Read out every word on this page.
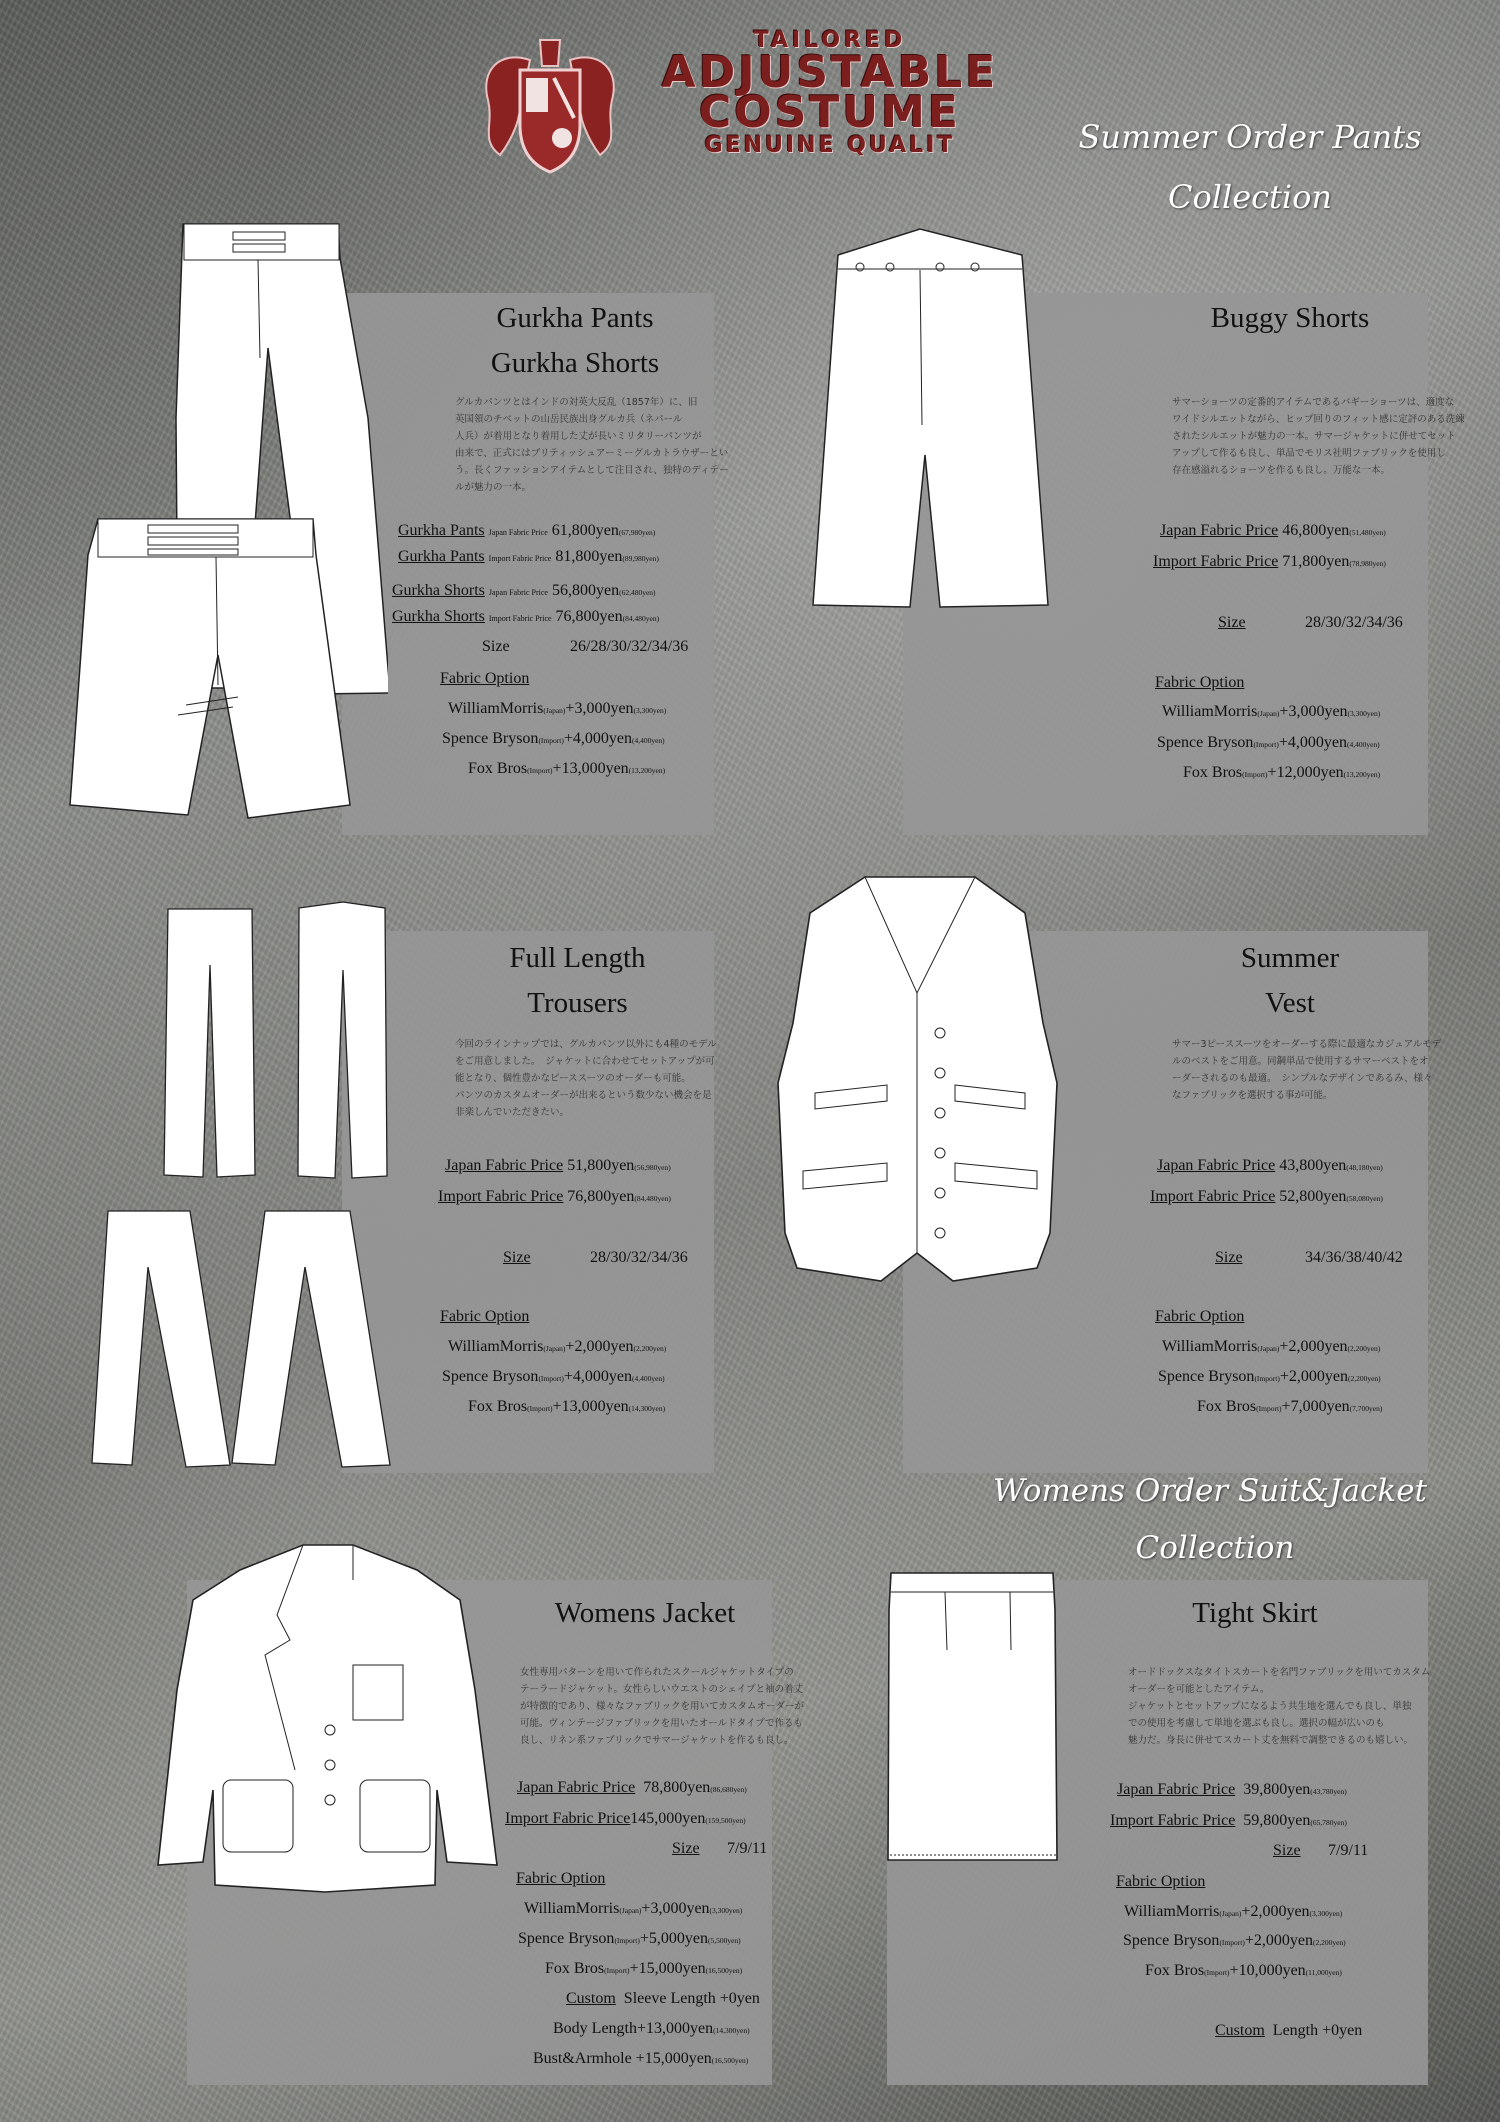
TAILORED
ADJUSTABLE
COSTUME
GENUINE QUALIT	Summer Order Pants
Collection
Gurkha Pants
Gurkha Shorts
グルカパンツとはインドの対英大反乱（1857年）に、旧
英国領のチベットの山岳民族出身グルカ兵（ネパール
人兵）が着用となり着用した丈が長いミリタリーパンツが
由来で、正式にはブリティッシュアーミーグルカトラウザーとい
う。長くファッションアイテムとして注目され、独特のディテー
ルが魅力の一本。
Gurkha Pants Japan Fabric Price 61,800yen(67,980yen)
Gurkha Pants Import Fabric Price 81,800yen(89,980yen)
Gurkha Shorts Japan Fabric Price 56,800yen(62,480yen)
Gurkha Shorts Import Fabric Price 76,800yen(84,480yen)
Size	26/28/30/32/34/36
Fabric Option
WilliamMorris(Japan)+3,000yen(3,300yen)
Spence Bryson(Import)+4,000yen(4,400yen)
Fox Bros(Import)+13,000yen(13,200yen)
Buggy Shorts
サマーショーツの定番的アイテムであるバギーショーツは、適度な
ワイドシルエットながら、ヒップ回りのフィット感に定評のある洗練
されたシルエットが魅力の一本。サマージャケットに併せてセット
アップして作るも良し、単品でモリス社明ファブリックを使用し
存在感溢れるショーツを作るも良し。万能な一本。
Japan Fabric Price 46,800yen(51,480yen)
Import Fabric Price 71,800yen(78,980yen)
Size	28/30/32/34/36
Fabric Option
WilliamMorris(Japan)+3,000yen(3,300yen)
Spence Bryson(Import)+4,000yen(4,400yen)
Fox Bros(Import)+12,000yen(13,200yen)
Full Length
Trousers
今回のラインナップでは、グルカパンツ以外にも4種のモデル
をご用意しました。　ジャケットに合わせてセットアップが可
能となり、個性豊かなピーススーツのオーダーも可能。
パンツのカスタムオーダーが出来るという数少ない機会を是
非楽しんでいただきたい。
Japan Fabric Price 51,800yen(56,980yen)
Import Fabric Price 76,800yen(84,480yen)
Size	28/30/32/34/36
Fabric Option
WilliamMorris(Japan)+2,000yen(2,200yen)
Spence Bryson(Import)+4,000yen(4,400yen)
Fox Bros(Import)+13,000yen(14,300yen)
Summer
Vest
サマー3ピーススーツをオーダーする際に最適なカジュアルモデ
ルのベストをご用意。同鋼単品で使用するサマーベストをオ
ーダーされるのも最適。　シンプルなデザインであるみ、様々
なファブリックを選択する事が可能。
Japan Fabric Price 43,800yen(48,180yen)
Import Fabric Price 52,800yen(58,080yen)
Size	34/36/38/40/42
Fabric Option
WilliamMorris(Japan)+2,000yen(2,200yen)
Spence Bryson(Import)+2,000yen(2,200yen)
Fox Bros(Import)+7,000yen(7,700yen)
Womens Order Suit&Jacket
Collection
Womens Jacket
女性専用パターンを用いて作られたスクールジャケットタイプの
テーラードジャケット。女性らしいウエストのシェイプと袖の着丈
が特徴的であり、様々なファブリックを用いてカスタムオーダーが
可能。ヴィンテージファブリックを用いたオールドタイプで作るも
良し、リネン系ファブリックでサマージャケットを作るも良し。
Japan Fabric Price 78,800yen(86,680yen)
Import Fabric Price145,000yen(159,500yen)
Size 7/9/11
Fabric Option
WilliamMorris(Japan)+3,000yen(3,300yen)
Spence Bryson(Import)+5,000yen(5,500yen)
Fox Bros(Import)+15,000yen(16,500yen)
Custom Sleeve Length +0yen
Body Length+13,000yen(14,300yen)
Bust&Armhole +15,000yen(16,500yen)
Tight Skirt
オードドックスなタイトスカートを名門ファブリックを用いてカスタム
オーダーを可能としたアイテム。
ジャケットとセットアップになるよう共生地を選んでも良し、単独
での使用を考慮して単地を選ぶも良し。選択の幅が広いのも
魅力だ。身長に併せてスカート丈を無料で調整できるのも嬉しい。
Japan Fabric Price 39,800yen(43,780yen)
Import Fabric Price 59,800yen(65,780yen)
Size 7/9/11
Fabric Option
WilliamMorris(Japan)+2,000yen(3,300yen)
Spence Bryson(Import)+2,000yen(2,200yen)
Fox Bros(Import)+10,000yen(11,000yen)
Custom Length +0yen
